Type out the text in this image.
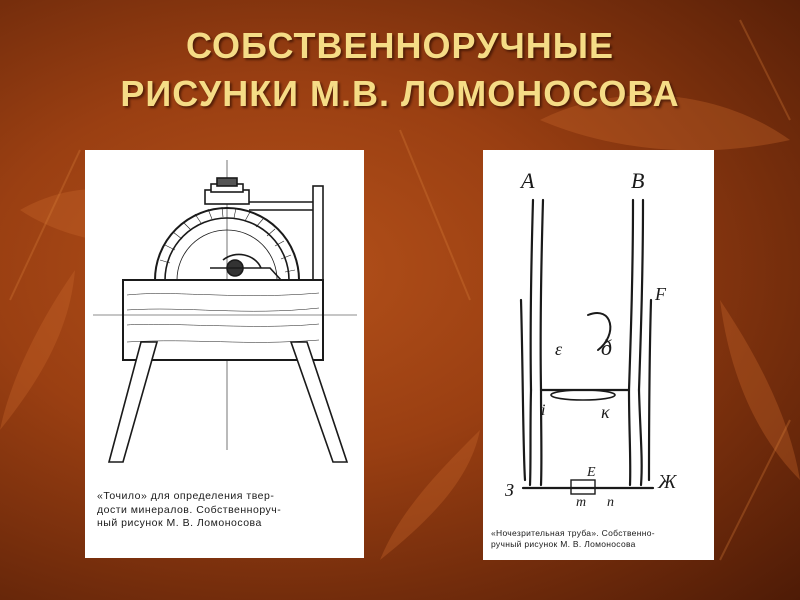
СОБСТВЕННОРУЧНЫЕ
РИСУНКИ М.В. ЛОМОНОСОВА
«Точило» для определения твер-
дости минералов. Собственноруч-
ный рисунок М. В. Ломоносова
A	B
F
ε ð
i	κ
З	Ж
Ε
m n
«Ночезрительная труба». Собственно-
ручный рисунок М. В. Ломоносова
